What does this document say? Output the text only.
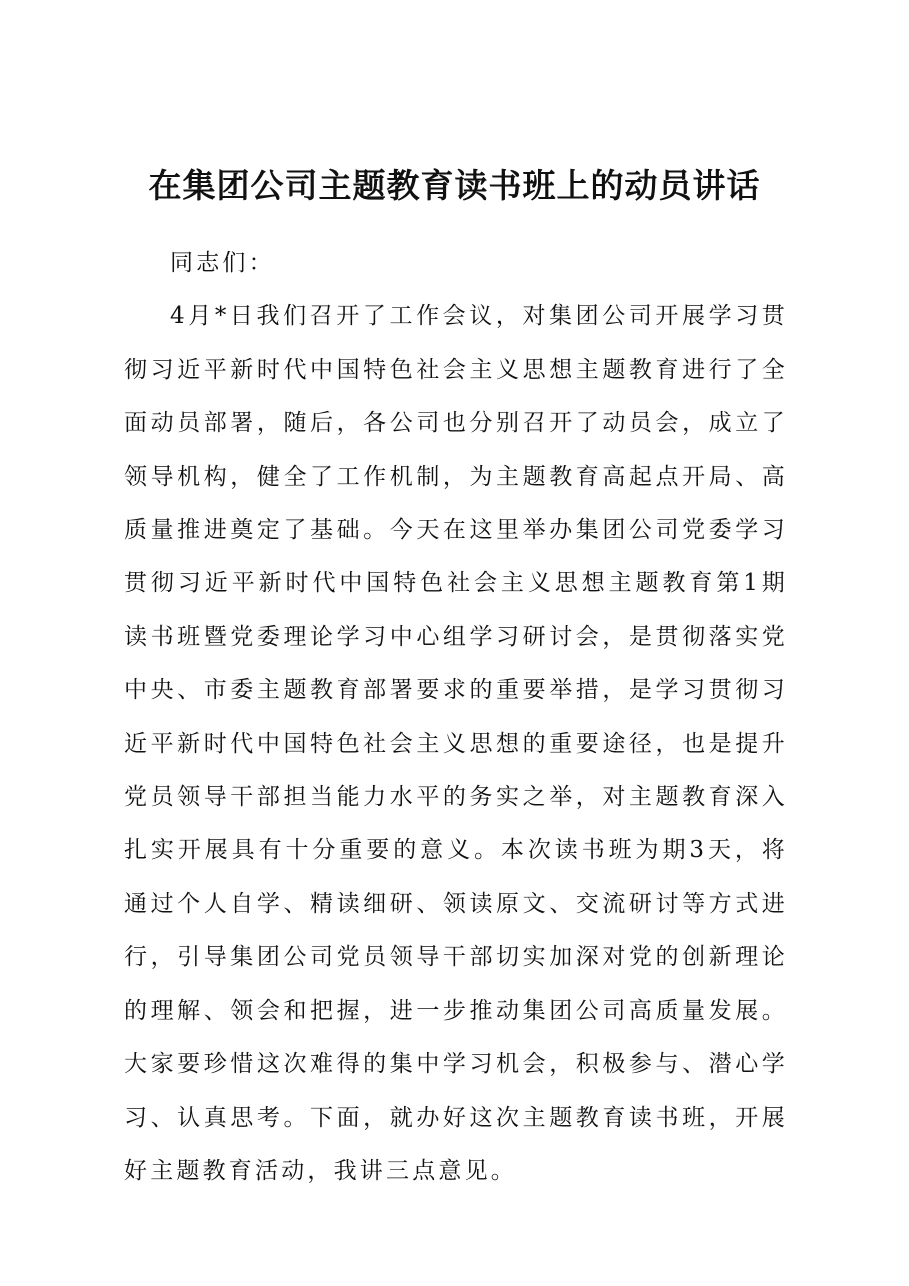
在集团公司主题教育读书班上的动员讲话

同志们：

4月*日我们召开了工作会议，对集团公司开展学习贯彻习近平新时代中国特色社会主义思想主题教育进行了全面动员部署，随后，各公司也分别召开了动员会，成立了领导机构，健全了工作机制，为主题教育高起点开局、高质量推进奠定了基础。今天在这里举办集团公司党委学习贯彻习近平新时代中国特色社会主义思想主题教育第1期读书班暨党委理论学习中心组学习研讨会，是贯彻落实党中央、市委主题教育部署要求的重要举措，是学习贯彻习近平新时代中国特色社会主义思想的重要途径，也是提升党员领导干部担当能力水平的务实之举，对主题教育深入扎实开展具有十分重要的意义。本次读书班为期3天，将通过个人自学、精读细研、领读原文、交流研讨等方式进行，引导集团公司党员领导干部切实加深对党的创新理论的理解、领会和把握，进一步推动集团公司高质量发展。大家要珍惜这次难得的集中学习机会，积极参与、潜心学习、认真思考。下面，就办好这次主题教育读书班，开展好主题教育活动，我讲三点意见。
